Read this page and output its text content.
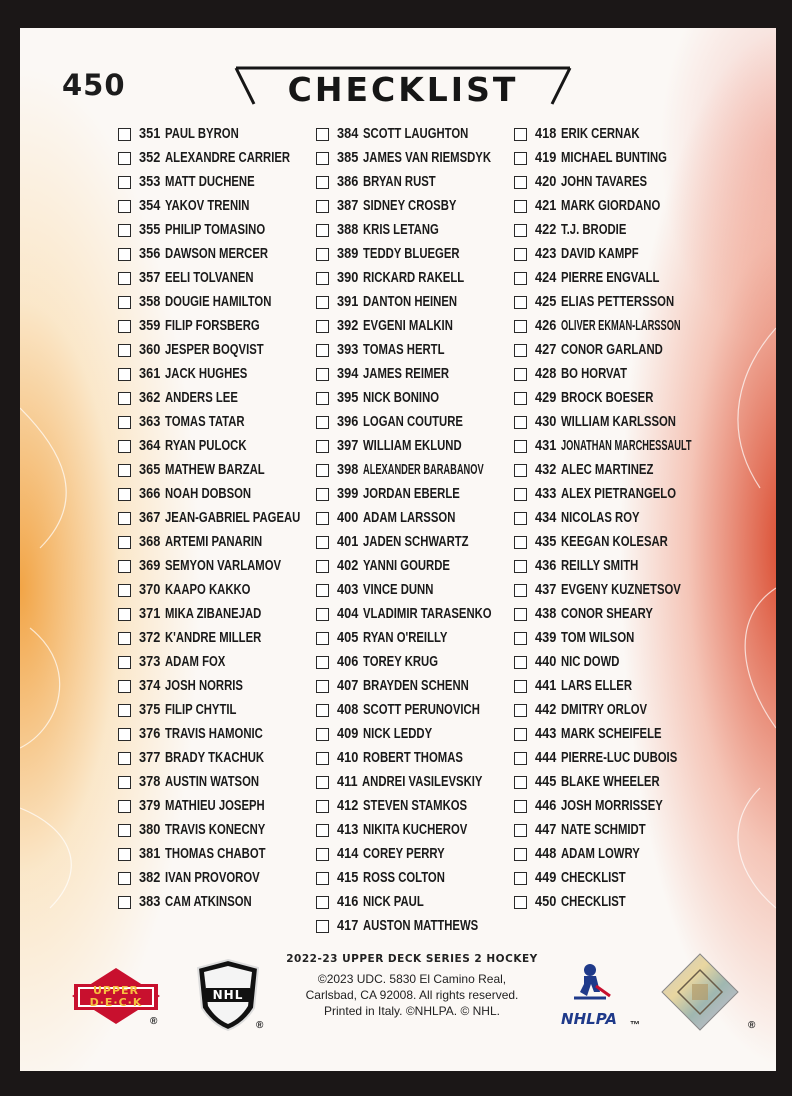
450	CHECKLIST
351 PAUL BYRON
352 ALEXANDRE CARRIER
353 MATT DUCHENE
354 YAKOV TRENIN
355 PHILIP TOMASINO
356 DAWSON MERCER
357 EELI TOLVANEN
358 DOUGIE HAMILTON
359 FILIP FORSBERG
360 JESPER BOQVIST
361 JACK HUGHES
362 ANDERS LEE
363 TOMAS TATAR
364 RYAN PULOCK
365 MATHEW BARZAL
366 NOAH DOBSON
367 JEAN-GABRIEL PAGEAU
368 ARTEMI PANARIN
369 SEMYON VARLAMOV
370 KAAPO KAKKO
371 MIKA ZIBANEJAD
372 K'ANDRE MILLER
373 ADAM FOX
374 JOSH NORRIS
375 FILIP CHYTIL
376 TRAVIS HAMONIC
377 BRADY TKACHUK
378 AUSTIN WATSON
379 MATHIEU JOSEPH
380 TRAVIS KONECNY
381 THOMAS CHABOT
382 IVAN PROVOROV
383 CAM ATKINSON
384 SCOTT LAUGHTON
385 JAMES VAN RIEMSDYK
386 BRYAN RUST
387 SIDNEY CROSBY
388 KRIS LETANG
389 TEDDY BLUEGER
390 RICKARD RAKELL
391 DANTON HEINEN
392 EVGENI MALKIN
393 TOMAS HERTL
394 JAMES REIMER
395 NICK BONINO
396 LOGAN COUTURE
397 WILLIAM EKLUND
398 ALEXANDER BARABANOV
399 JORDAN EBERLE
400 ADAM LARSSON
401 JADEN SCHWARTZ
402 YANNI GOURDE
403 VINCE DUNN
404 VLADIMIR TARASENKO
405 RYAN O'REILLY
406 TOREY KRUG
407 BRAYDEN SCHENN
408 SCOTT PERUNOVICH
409 NICK LEDDY
410 ROBERT THOMAS
411 ANDREI VASILEVSKIY
412 STEVEN STAMKOS
413 NIKITA KUCHEROV
414 COREY PERRY
415 ROSS COLTON
416 NICK PAUL
417 AUSTON MATTHEWS
418 ERIK CERNAK
419 MICHAEL BUNTING
420 JOHN TAVARES
421 MARK GIORDANO
422 T.J. BRODIE
423 DAVID KAMPF
424 PIERRE ENGVALL
425 ELIAS PETTERSSON
426 OLIVER EKMAN-LARSSON
427 CONOR GARLAND
428 BO HORVAT
429 BROCK BOESER
430 WILLIAM KARLSSON
431 JONATHAN MARCHESSAULT
432 ALEC MARTINEZ
433 ALEX PIETRANGELO
434 NICOLAS ROY
435 KEEGAN KOLESAR
436 REILLY SMITH
437 EVGENY KUZNETSOV
438 CONOR SHEARY
439 TOM WILSON
440 NIC DOWD
441 LARS ELLER
442 DMITRY ORLOV
443 MARK SCHEIFELE
444 PIERRE-LUC DUBOIS
445 BLAKE WHEELER
446 JOSH MORRISSEY
447 NATE SCHMIDT
448 ADAM LOWRY
449 CHECKLIST
450 CHECKLIST
UPPER
D·E·C·K
®
NHL
®
2022-23 UPPER DECK SERIES 2 HOCKEY
©2023 UDC. 5830 El Camino Real,
Carlsbad, CA 92008. All rights reserved.
Printed in Italy. ©NHLPA. © NHL.	NHLPA	™	®
